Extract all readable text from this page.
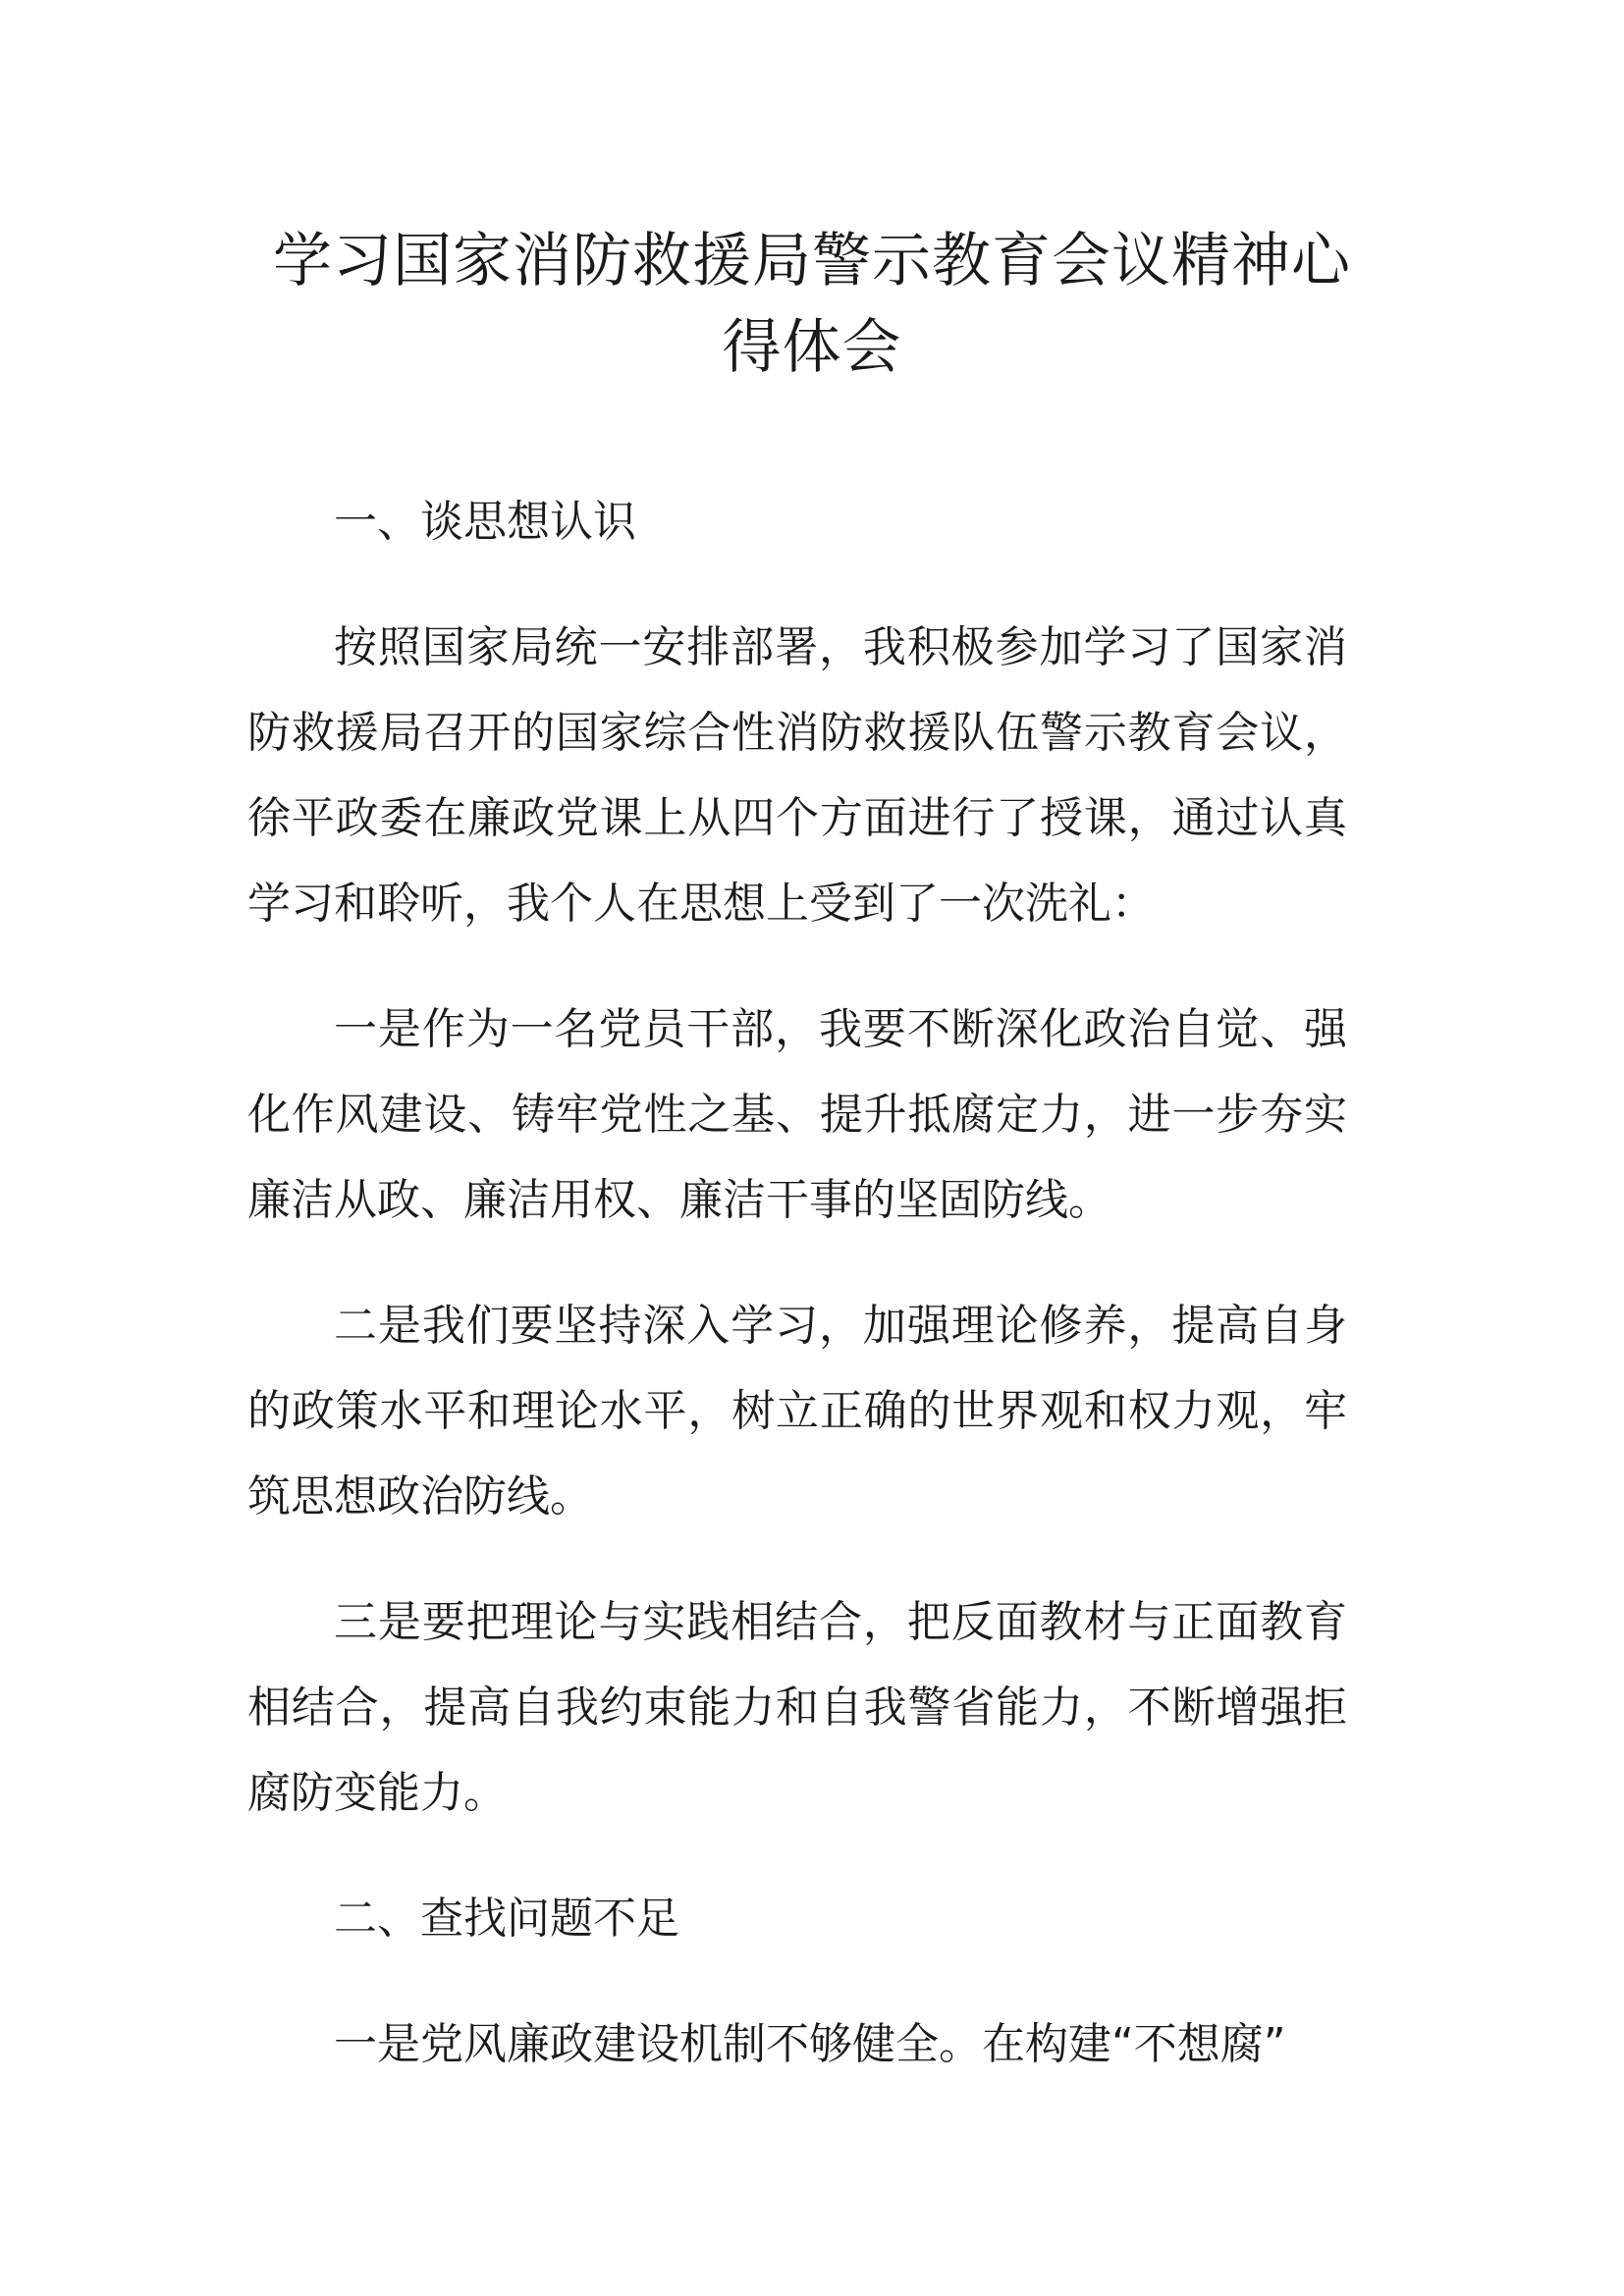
学习国家消防救援局警示教育会议精神心
得体会

一、谈思想认识

按照国家局统一安排部署，我积极参加学习了国家消防救援局召开的国家综合性消防救援队伍警示教育会议，徐平政委在廉政党课上从四个方面进行了授课，通过认真学习和聆听，我个人在思想上受到了一次洗礼：

一是作为一名党员干部，我要不断深化政治自觉、强化作风建设、铸牢党性之基、提升抵腐定力，进一步夯实廉洁从政、廉洁用权、廉洁干事的坚固防线。

二是我们要坚持深入学习，加强理论修养，提高自身的政策水平和理论水平，树立正确的世界观和权力观，牢筑思想政治防线。

三是要把理论与实践相结合，把反面教材与正面教育相结合，提高自我约束能力和自我警省能力，不断增强拒腐防变能力。

二、查找问题不足

一是党风廉政建设机制不够健全。在构建“不想腐”
